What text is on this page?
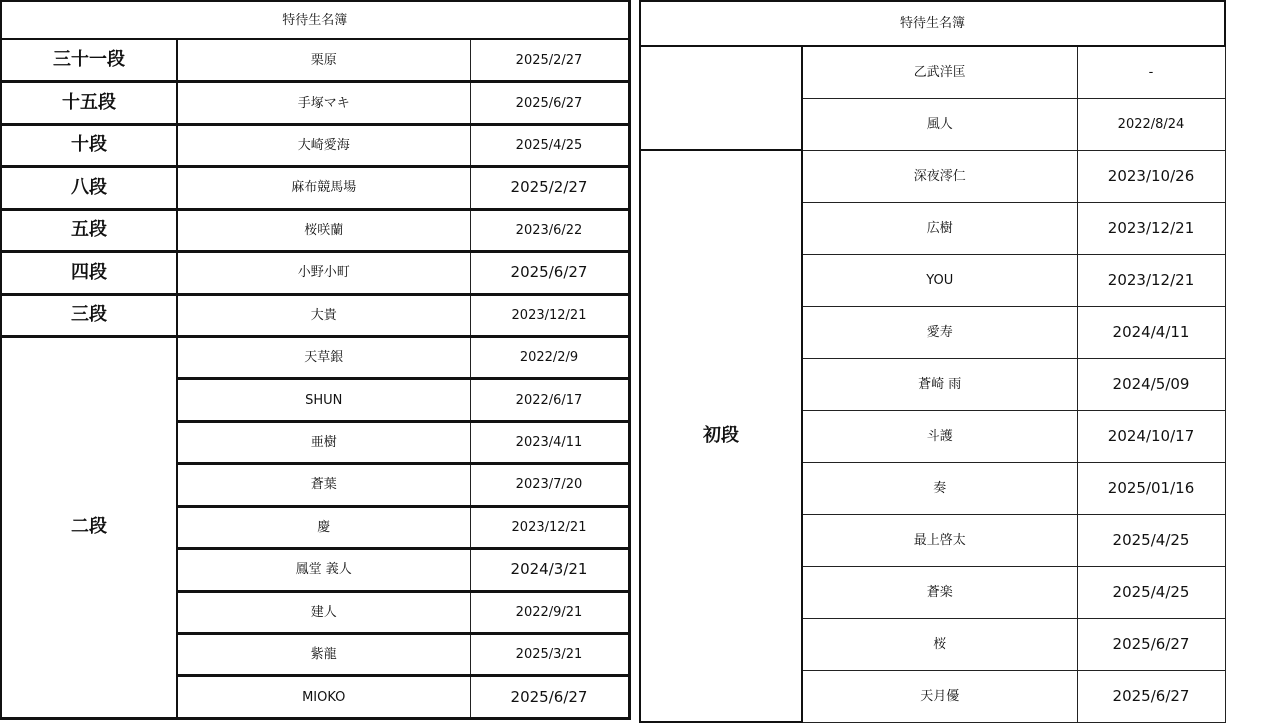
特待生名簿		
三十一段	栗原	2025/2/27
十五段	手塚マキ	2025/6/27
十段	大崎愛海	2025/4/25
八段	麻布競馬場	2025/2/27
五段	桜咲蘭	2023/6/22
四段	小野小町	2025/6/27
三段	大貴	2023/12/21
二段	天草銀	2022/2/9
	SHUN	2022/6/17
	亜樹	2023/4/11
	蒼葉	2023/7/20
	慶	2023/12/21
	鳳堂 義人	2024/3/21
	建人	2022/9/21
	紫龍	2025/3/21
	MIOKO	2025/6/27
特待生名簿		
	乙武洋匡	-
	風人	2022/8/24
初段	深夜澪仁	2023/10/26
	広樹	2023/12/21
	YOU	2023/12/21
	愛寿	2024/4/11
	蒼崎 雨	2024/5/09
	斗護	2024/10/17
	奏	2025/01/16
	最上啓太	2025/4/25
	蒼楽	2025/4/25
	桜	2025/6/27
	天月優	2025/6/27
